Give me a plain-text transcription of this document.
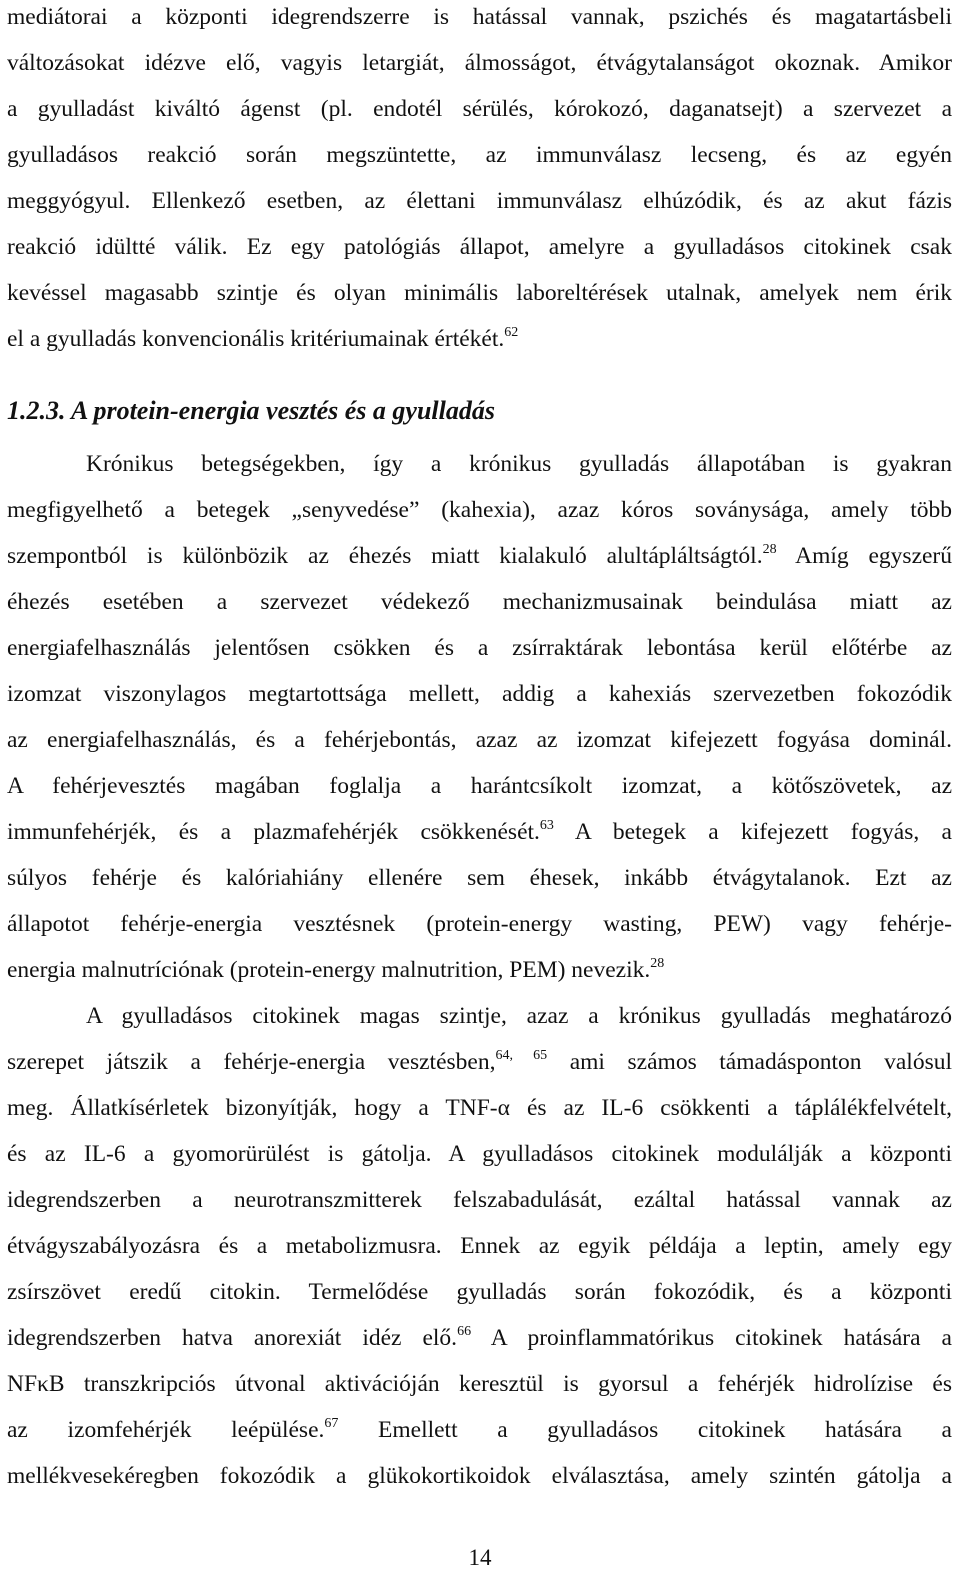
mediátorai a központi idegrendszerre is hatással vannak, pszichés és magatartásbeli
változásokat idézve elő, vagyis letargiát, álmosságot, étvágytalanságot okoznak. Amikor
a gyulladást kiváltó ágenst (pl. endotél sérülés, kórokozó, daganatsejt) a szervezet a
gyulladásos reakció során megszüntette, az immunválasz lecseng, és az egyén
meggyógyul. Ellenkező esetben, az élettani immunválasz elhúzódik, és az akut fázis
reakció idültté válik. Ez egy patológiás állapot, amelyre a gyulladásos citokinek csak
kevéssel magasabb szintje és olyan minimális laboreltérések utalnak, amelyek nem érik
el a gyulladás konvencionális kritériumainak értékét.$^{62}$
1.2.3. A protein-energia vesztés és a gyulladás
Krónikus betegségekben, így a krónikus gyulladás állapotában is gyakran
megfigyelhető a betegek „senyvedése” (kahexia), azaz kóros soványsága, amely több
szempontból is különbözik az éhezés miatt kialakuló alultápláltságtól.$^{28}$ Amíg egyszerű
éhezés esetében a szervezet védekező mechanizmusainak beindulása miatt az
energiafelhasználás jelentősen csökken és a zsírraktárak lebontása kerül előtérbe az
izomzat viszonylagos megtartottsága mellett, addig a kahexiás szervezetben fokozódik
az energiafelhasználás, és a fehérjebontás, azaz az izomzat kifejezett fogyása dominál.
A fehérjevesztés magában foglalja a harántcsíkolt izomzat, a kötőszövetek, az
immunfehérjék, és a plazmafehérjék csökkenését.$^{63}$ A betegek a kifejezett fogyás, a
súlyos fehérje és kalóriahiány ellenére sem éhesek, inkább étvágytalanok. Ezt az
állapotot fehérje-energia vesztésnek (protein-energy wasting, PEW) vagy fehérje-
energia malnutríciónak (protein-energy malnutrition, PEM) nevezik.$^{28}$
A gyulladásos citokinek magas szintje, azaz a krónikus gyulladás meghatározó
szerepet játszik a fehérje-energia vesztésben,$^{64, 65}$ ami számos támadásponton valósul
meg. Állatkísérletek bizonyítják, hogy a TNF-α és az IL-6 csökkenti a táplálékfelvételt,
és az IL-6 a gyomorürülést is gátolja. A gyulladásos citokinek modulálják a központi
idegrendszerben a neurotranszmitterek felszabadulását, ezáltal hatással vannak az
étvágyszabályozásra és a metabolizmusra. Ennek az egyik példája a leptin, amely egy
zsírszövet eredű citokin. Termelődése gyulladás során fokozódik, és a központi
idegrendszerben hatva anorexiát idéz elő.$^{66}$ A proinflammatórikus citokinek hatására a
NFκB transzkripciós útvonal aktivációján keresztül is gyorsul a fehérjék hidrolízise és
az izomfehérjék leépülése.$^{67}$ Emellett a gyulladásos citokinek hatására a
mellékvesekéregben fokozódik a glükokortikoidok elválasztása, amely szintén gátolja a
14
